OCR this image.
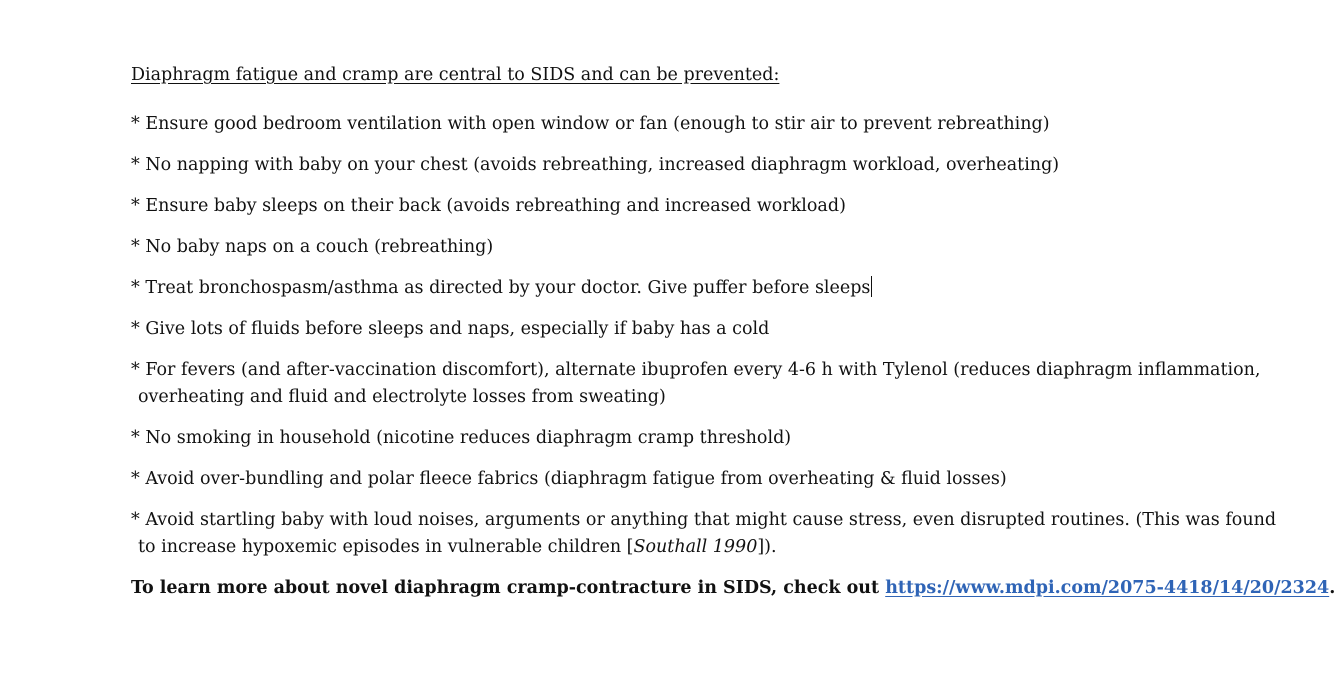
Diaphragm fatigue and cramp are central to SIDS and can be prevented:

* Ensure good bedroom ventilation with open window or fan (enough to stir air to prevent rebreathing)
* No napping with baby on your chest (avoids rebreathing, increased diaphragm workload, overheating)
* Ensure baby sleeps on their back (avoids rebreathing and increased workload)
* No baby naps on a couch (rebreathing)
* Treat bronchospasm/asthma as directed by your doctor. Give puffer before sleeps
* Give lots of fluids before sleeps and naps, especially if baby has a cold
* For fevers (and after-vaccination discomfort), alternate ibuprofen every 4-6 h with Tylenol (reduces diaphragm inflammation,
overheating and fluid and electrolyte losses from sweating)
* No smoking in household (nicotine reduces diaphragm cramp threshold)
* Avoid over-bundling and polar fleece fabrics (diaphragm fatigue from overheating & fluid losses)
* Avoid startling baby with loud noises, arguments or anything that might cause stress, even disrupted routines. (This was found
to increase hypoxemic episodes in vulnerable children [Southall 1990]).

To learn more about novel diaphragm cramp-contracture in SIDS, check out https://www.mdpi.com/2075-4418/14/20/2324.
